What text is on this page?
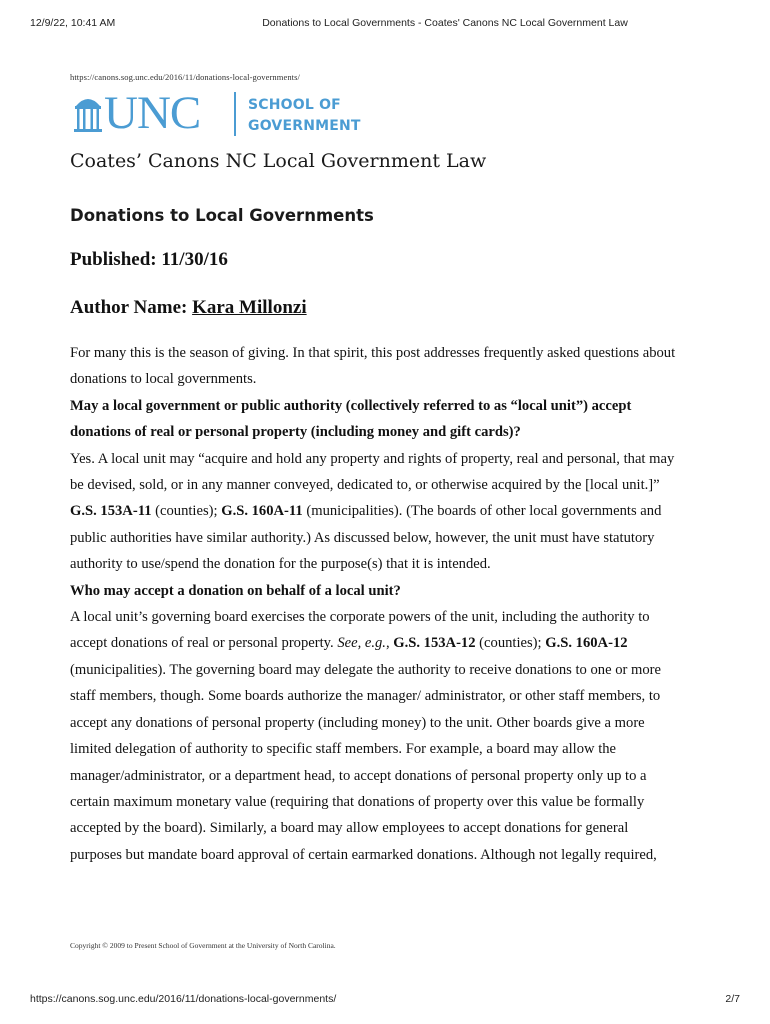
12/9/22, 10:41 AM	Donations to Local Governments - Coates' Canons NC Local Government Law
https://canons.sog.unc.edu/2016/11/donations-local-governments/
UNC	SCHOOL OF
GOVERNMENT
Coates’ Canons NC Local Government Law
Donations to Local Governments
Published: 11/30/16
Author Name: Kara Millonzi
For many this is the season of giving. In that spirit, this post addresses frequently asked questions about
donations to local governments.
May a local government or public authority (collectively referred to as “local unit”) accept
donations of real or personal property (including money and gift cards)?
Yes. A local unit may “acquire and hold any property and rights of property, real and personal, that may
be devised, sold, or in any manner conveyed, dedicated to, or otherwise acquired by the [local unit.]”
G.S. 153A-11 (counties); G.S. 160A-11 (municipalities). (The boards of other local governments and
public authorities have similar authority.) As discussed below, however, the unit must have statutory
authority to use/spend the donation for the purpose(s) that it is intended.
Who may accept a donation on behalf of a local unit?
A local unit’s governing board exercises the corporate powers of the unit, including the authority to
accept donations of real or personal property. See, e.g., G.S. 153A-12 (counties); G.S. 160A-12
(municipalities). The governing board may delegate the authority to receive donations to one or more
staff members, though. Some boards authorize the manager/ administrator, or other staff members, to
accept any donations of personal property (including money) to the unit. Other boards give a more
limited delegation of authority to specific staff members. For example, a board may allow the
manager/administrator, or a department head, to accept donations of personal property only up to a
certain maximum monetary value (requiring that donations of property over this value be formally
accepted by the board). Similarly, a board may allow employees to accept donations for general
purposes but mandate board approval of certain earmarked donations. Although not legally required,
Copyright © 2009 to Present School of Government at the University of North Carolina.
https://canons.sog.unc.edu/2016/11/donations-local-governments/	2/7
